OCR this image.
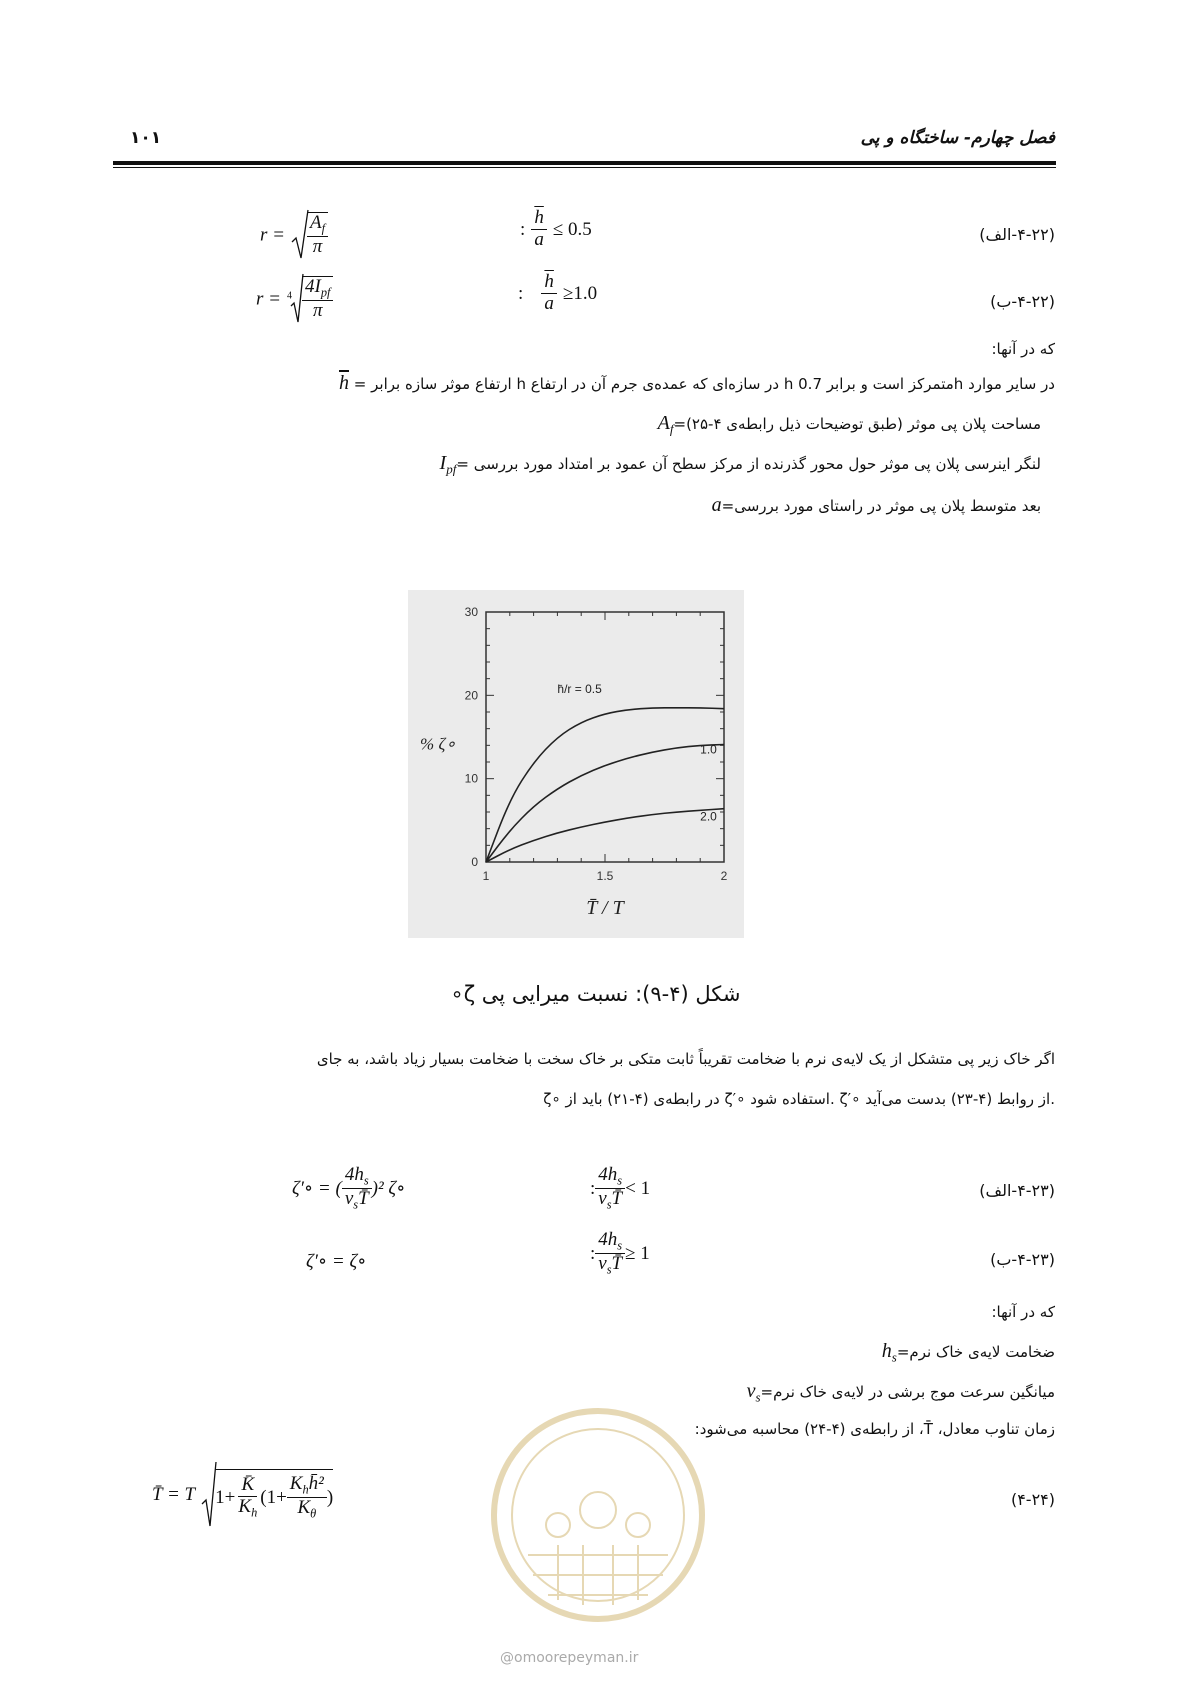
فصل چهارم- ساختگاه و پی
۱۰۱
$r = \frac{A_f}{\pi}$	: $\frac{\overline{h}}{a} \le 0.5$	(۴-۲۲-الف)
$r = ^4 \frac{4I_{pf}}{\pi}$	: $\frac{\overline{h}}{a} \ge 1.0$	(۴-۲۲-ب)
که در آنها:
h = ارتفاع موثر سازه برابر h در سازه‌ای که عمده‌ی جرم آن در ارتفاع h متمرکز است و برابر 0.7h در سایر موارد
$A_f=مساحت$ پلان پی موثر (طبق توضیحات ذیل رابطه‌ی ۴-۲۵)
$I_{pf}=$ لنگر اینرسی پلان پی موثر حول محور گذرنده از مرکز سطح آن عمود بر امتداد مورد بررسی
a=بعد متوسط پلان پی موثر در راستای مورد بررسی
0
10
20
30
1	1.5	2
h̄/r = 0.5
1.0
2.0
% ζ∘
T̄ / T
شکل (۴-۹): نسبت میرایی پی ζ∘
اگر خاک زیر پی متشکل از یک لایه‌ی نرم با ضخامت تقریباً ثابت متکی بر خاک سخت با ضخامت بسیار زیاد باشد، به جای
ζ∘ در رابطه‌ی (۴-۲۱) باید از ζ′∘ استفاده شود. ζ′∘ از روابط (۴-۲۳) بدست می‌آید.
ζ′∘ = ( $\frac{4h_s}{v_sT̄} )^2$ ζ∘	: $\frac{4h_s}{v_sT̄} < 1$	(۴-۲۳-الف)
ζ′∘ = ζ∘	: $\frac{4h_s}{v_sT̄} \ge 1$	(۴-۲۳-ب)
که در آنها:
$h_s=ضخامت$ لایه‌ی خاک نرم
$v_s=میانگین$ سرعت موج برشی در لایه‌ی خاک نرم
زمان تناوب معادل، T̄، از رابطه‌ی (۴-۲۴) محاسبه می‌شود:
T̄ = T
$1+ \frac{K̄}{K_h} (1+ \frac{K_hh̄^2}{K_\theta}$ )	(۴-۲۴)
@omoorepeyman.ir
